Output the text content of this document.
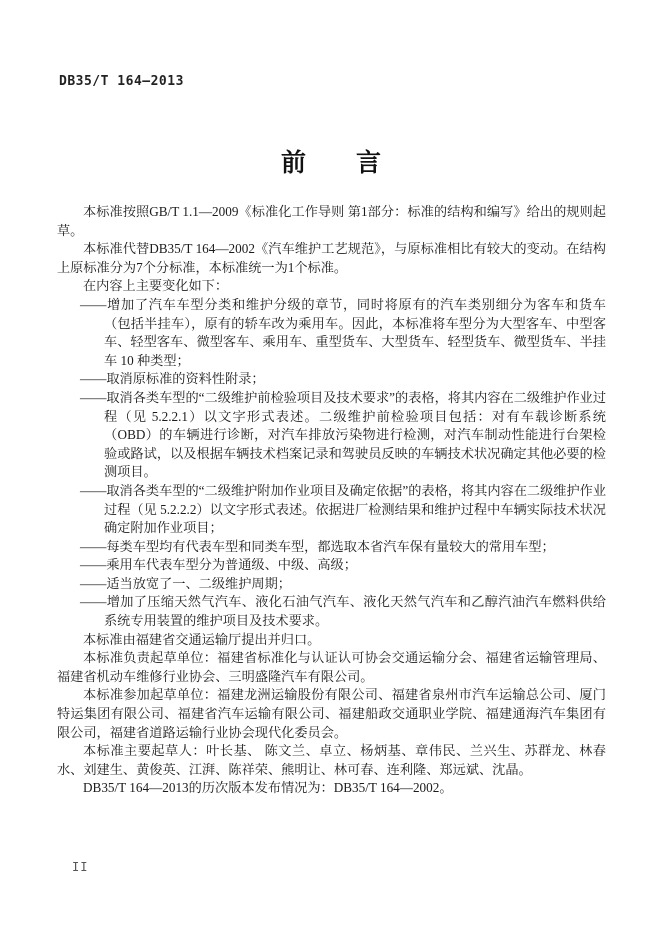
DB35/T 164—2013
前　　言

本标准按照GB/T 1.1—2009《标准化工作导则 第1部分：标准的结构和编写》给出的规则起草。

本标准代替DB35/T 164—2002《汽车维护工艺规范》，与原标准相比有较大的变动。在结构上原标准分为7个分标准，本标准统一为1个标准。

在内容上主要变化如下：

——增加了汽车车型分类和维护分级的章节，同时将原有的汽车类别细分为客车和货车（包括半挂车），原有的轿车改为乘用车。因此，本标准将车型分为大型客车、中型客车、轻型客车、微型客车、乘用车、重型货车、大型货车、轻型货车、微型货车、半挂车 10 种类型；

——取消原标准的资料性附录；

——取消各类车型的“二级维护前检验项目及技术要求”的表格，将其内容在二级维护作业过程（见 5.2.2.1）以文字形式表述。二级维护前检验项目包括：对有车载诊断系统（OBD）的车辆进行诊断，对汽车排放污染物进行检测，对汽车制动性能进行台架检验或路试，以及根据车辆技术档案记录和驾驶员反映的车辆技术状况确定其他必要的检测项目。

——取消各类车型的“二级维护附加作业项目及确定依据”的表格，将其内容在二级维护作业过程（见 5.2.2.2）以文字形式表述。依据进厂检测结果和维护过程中车辆实际技术状况确定附加作业项目；

——每类车型均有代表车型和同类车型，都选取本省汽车保有量较大的常用车型；

——乘用车代表车型分为普通级、中级、高级；

——适当放宽了一、二级维护周期；

——增加了压缩天然气汽车、液化石油气汽车、液化天然气汽车和乙醇汽油汽车燃料供给系统专用装置的维护项目及技术要求。

本标准由福建省交通运输厅提出并归口。

本标准负责起草单位：福建省标准化与认证认可协会交通运输分会、福建省运输管理局、福建省机动车维修行业协会、三明盛隆汽车有限公司。

本标准参加起草单位：福建龙洲运输股份有限公司、福建省泉州市汽车运输总公司、厦门特运集团有限公司、福建省汽车运输有限公司、福建船政交通职业学院、福建通海汽车集团有限公司，福建省道路运输行业协会现代化委员会。

本标准主要起草人：叶长基、 陈文兰、卓立、杨炳基、章伟民、兰兴生、苏群龙、林春水、刘建生、黄俊英、江湃、陈祥荣、熊明让、林可春、连利隆、郑远斌、沈晶。

DB35/T 164—2013的历次版本发布情况为：DB35/T 164—2002。

II
